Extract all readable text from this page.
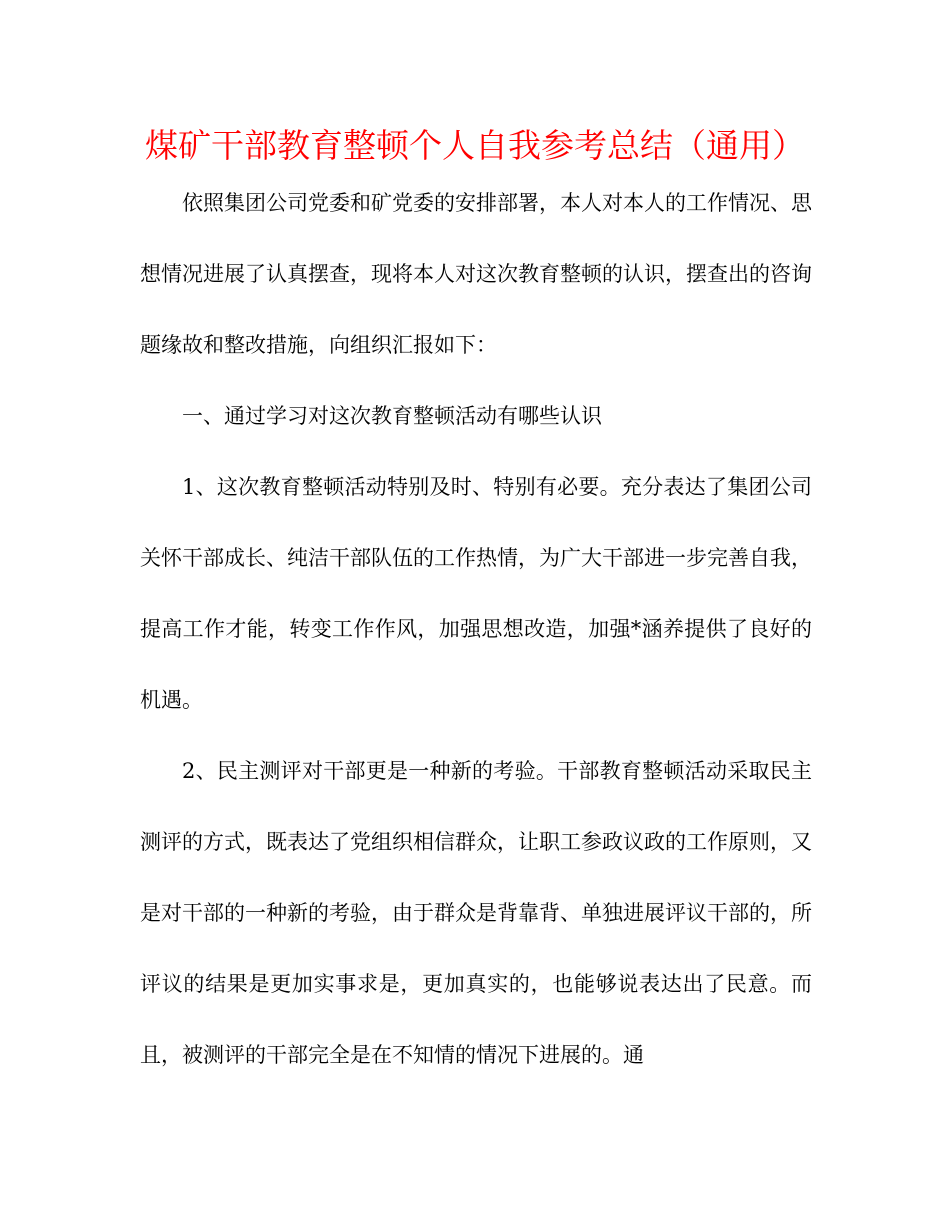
煤矿干部教育整顿个人自我参考总结（通用）

依照集团公司党委和矿党委的安排部署，本人对本人的工作情况、思想情况进展了认真摆查，现将本人对这次教育整顿的认识，摆查出的咨询题缘故和整改措施，向组织汇报如下：

一、通过学习对这次教育整顿活动有哪些认识

1、这次教育整顿活动特别及时、特别有必要。充分表达了集团公司关怀干部成长、纯洁干部队伍的工作热情，为广大干部进一步完善自我，提高工作才能，转变工作作风，加强思想改造，加强*涵养提供了良好的机遇。

2、民主测评对干部更是一种新的考验。干部教育整顿活动采取民主测评的方式，既表达了党组织相信群众，让职工参政议政的工作原则，又是对干部的一种新的考验，由于群众是背靠背、单独进展评议干部的，所评议的结果是更加实事求是，更加真实的，也能够说表达出了民意。而且，被测评的干部完全是在不知情的情况下进展的。通
